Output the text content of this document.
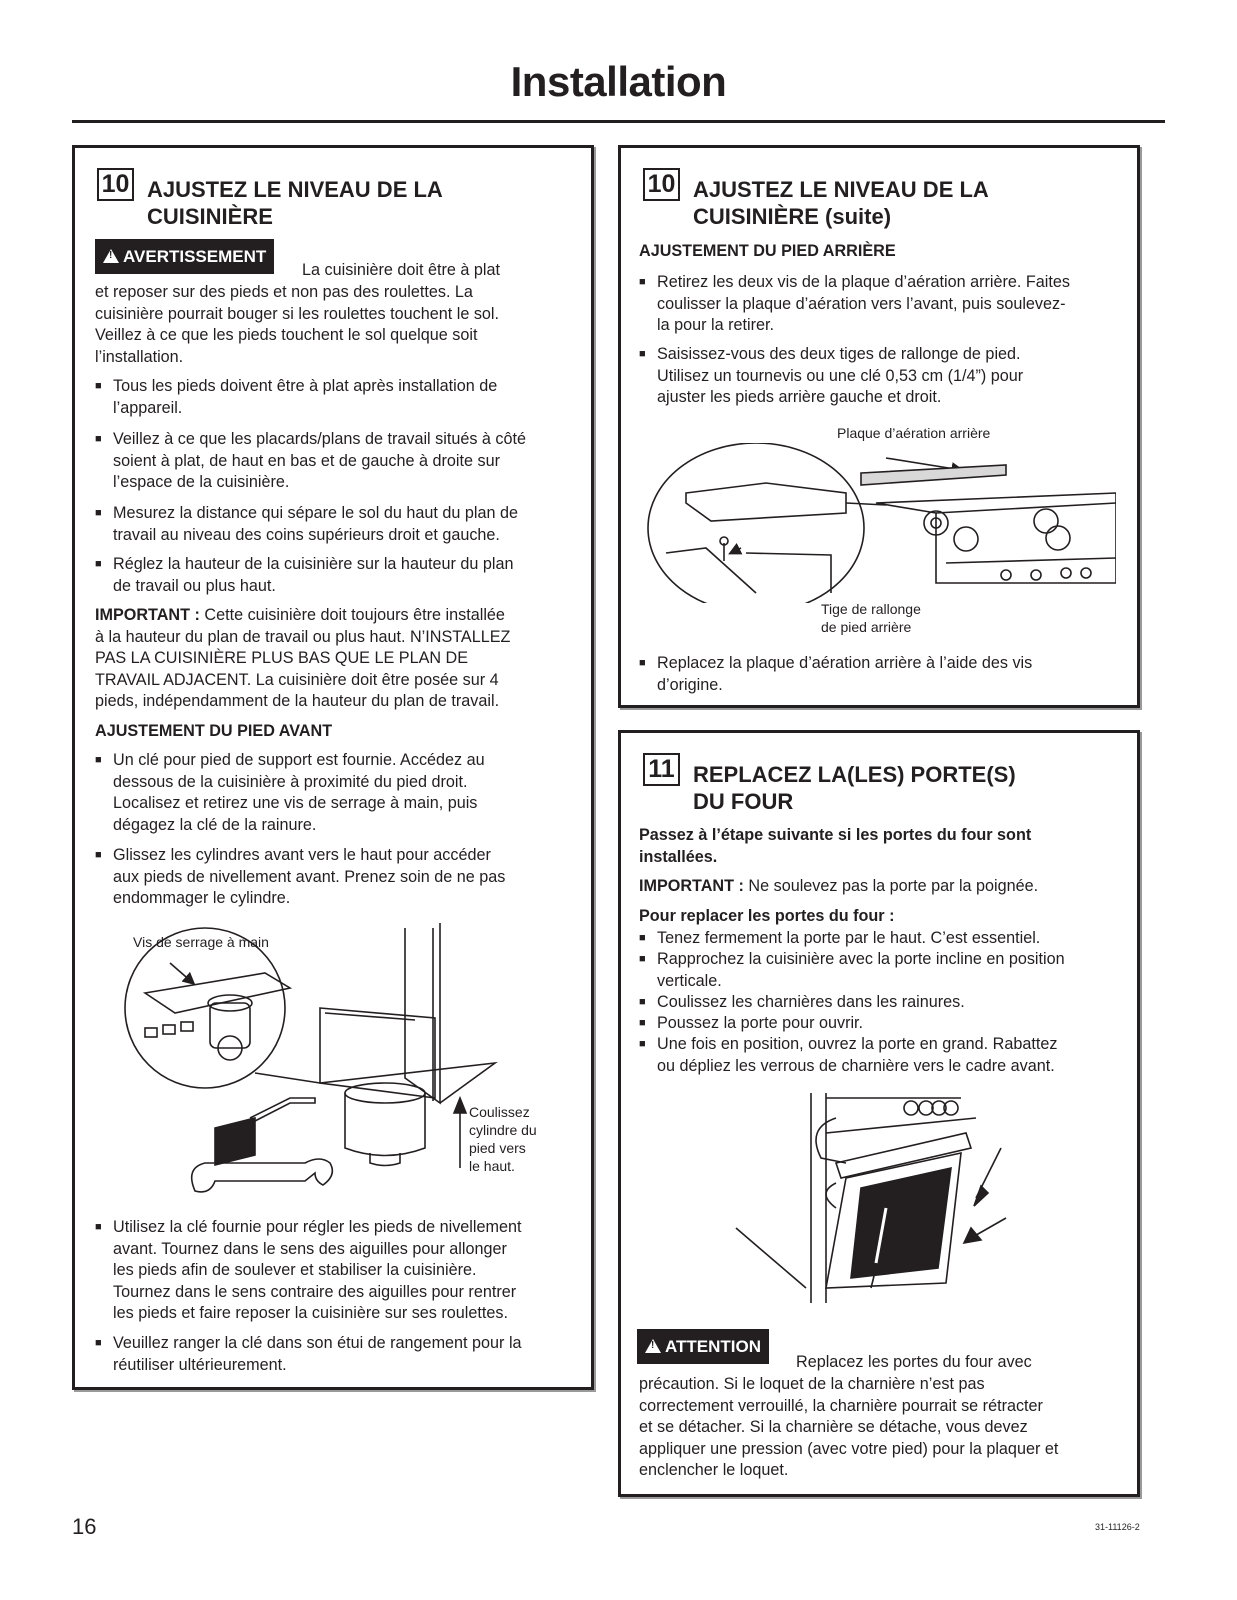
Installation
10 AJUSTEZ LE NIVEAU DE LA
CUISINIÈRE
!AVERTISSEMENT
La cuisinière doit être à plat
et reposer sur des pieds et non pas des roulettes. La
cuisinière pourrait bouger si les roulettes touchent le sol.
Veillez à ce que les pieds touchent le sol quelque soit
l’installation.
■ Tous les pieds doivent être à plat après installation de
l’appareil.
■ Veillez à ce que les placards/plans de travail situés à côté
soient à plat, de haut en bas et de gauche à droite sur
l’espace de la cuisinière.
■ Mesurez la distance qui sépare le sol du haut du plan de
travail au niveau des coins supérieurs droit et gauche.
■ Réglez la hauteur de la cuisinière sur la hauteur du plan
de travail ou plus haut.
IMPORTANT : Cette cuisinière doit toujours être installée
à la hauteur du plan de travail ou plus haut. N’INSTALLEZ
PAS LA CUISINIÈRE PLUS BAS QUE LE PLAN DE
TRAVAIL ADJACENT. La cuisinière doit être posée sur 4
pieds, indépendamment de la hauteur du plan de travail.
AJUSTEMENT DU PIED AVANT
■ Un clé pour pied de support est fournie. Accédez au
dessous de la cuisinière à proximité du pied droit.
Localisez et retirez une vis de serrage à main, puis
dégagez la clé de la rainure.
■ Glissez les cylindres avant vers le haut pour accéder
aux pieds de nivellement avant. Prenez soin de ne pas
endommager le cylindre.
Vis de serrage à main
Coulissez
cylindre du
pied vers
le haut.
■ Utilisez la clé fournie pour régler les pieds de nivellement
avant. Tournez dans le sens des aiguilles pour allonger
les pieds afin de soulever et stabiliser la cuisinière.
Tournez dans le sens contraire des aiguilles pour rentrer
les pieds et faire reposer la cuisinière sur ses roulettes.
■ Veuillez ranger la clé dans son étui de rangement pour la
réutiliser ultérieurement.
10 AJUSTEZ LE NIVEAU DE LA
CUISINIÈRE (suite)
AJUSTEMENT DU PIED ARRIÈRE
■ Retirez les deux vis de la plaque d’aération arrière. Faites
coulisser la plaque d’aération vers l’avant, puis soulevez-
la pour la retirer.
■ Saisissez-vous des deux tiges de rallonge de pied.
Utilisez un tournevis ou une clé 0,53 cm (1/4”) pour
ajuster les pieds arrière gauche et droit.
Plaque d’aération arrière
Tige de rallonge
de pied arrière
■ Replacez la plaque d’aération arrière à l’aide des vis
d’origine.
11 REPLACEZ LA(LES) PORTE(S)
DU FOUR
Passez à l’étape suivante si les portes du four sont
installées.
IMPORTANT : Ne soulevez pas la porte par la poignée.
Pour replacer les portes du four :
■ Tenez fermement la porte par le haut. C’est essentiel.
■ Rapprochez la cuisinière avec la porte incline en position
verticale.
■ Coulissez les charnières dans les rainures.
■ Poussez la porte pour ouvrir.
■ Une fois en position, ouvrez la porte en grand. Rabattez
ou dépliez les verrous de charnière vers le cadre avant.
!ATTENTION
Replacez les portes du four avec
précaution. Si le loquet de la charnière n’est pas
correctement verrouillé, la charnière pourrait se rétracter
et se détacher. Si la charnière se détache, vous devez
appliquer une pression (avec votre pied) pour la plaquer et
enclencher le loquet.
16	31-11126-2
